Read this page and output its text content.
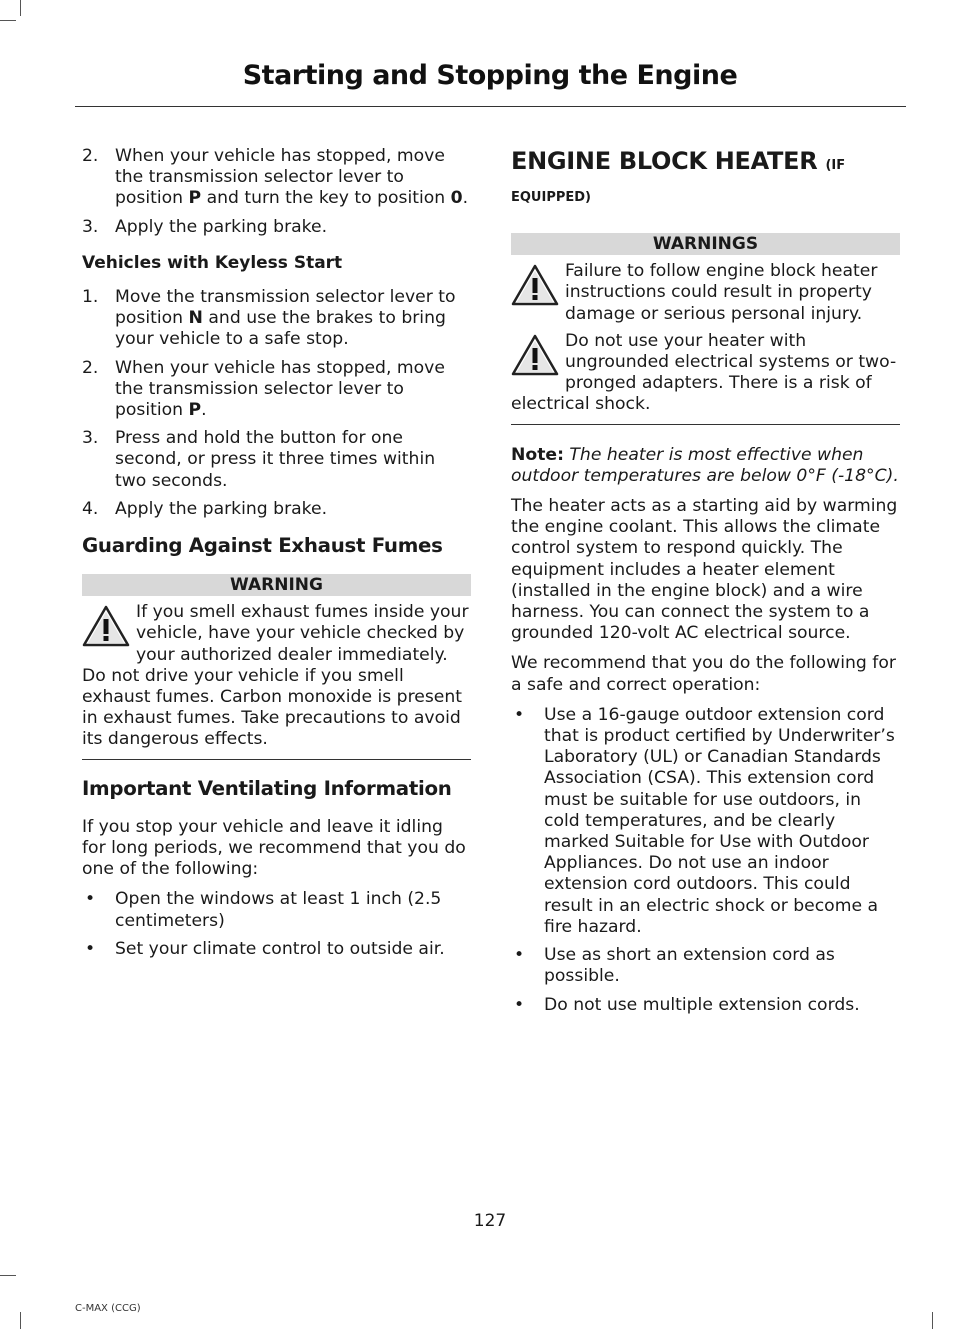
Starting and Stopping the Engine
2. When your vehicle has stopped, move the transmission selector lever to position P and turn the key to position 0.
3. Apply the parking brake.
Vehicles with Keyless Start
1. Move the transmission selector lever to position N and use the brakes to bring your vehicle to a safe stop.
2. When your vehicle has stopped, move the transmission selector lever to position P.
3. Press and hold the button for one second, or press it three times within two seconds.
4. Apply the parking brake.
Guarding Against Exhaust Fumes
WARNING
If you smell exhaust fumes inside your vehicle, have your vehicle checked by your authorized dealer immediately. Do not drive your vehicle if you smell exhaust fumes. Carbon monoxide is present in exhaust fumes. Take precautions to avoid its dangerous effects.
Important Ventilating Information
If you stop your vehicle and leave it idling for long periods, we recommend that you do one of the following:
• Open the windows at least 1 inch (2.5 centimeters)
• Set your climate control to outside air.
ENGINE BLOCK HEATER (IF
EQUIPPED)
WARNINGS
Failure to follow engine block heater instructions could result in property damage or serious personal injury.
Do not use your heater with ungrounded electrical systems or two-pronged adapters. There is a risk of electrical shock.
Note: The heater is most effective when outdoor temperatures are below 0°F (-18°C).
The heater acts as a starting aid by warming the engine coolant. This allows the climate control system to respond quickly. The equipment includes a heater element (installed in the engine block) and a wire harness. You can connect the system to a grounded 120-volt AC electrical source.
We recommend that you do the following for a safe and correct operation:
• Use a 16-gauge outdoor extension cord that is product certified by Underwriter’s Laboratory (UL) or Canadian Standards Association (CSA). This extension cord must be suitable for use outdoors, in cold temperatures, and be clearly marked Suitable for Use with Outdoor Appliances. Do not use an indoor extension cord outdoors. This could result in an electric shock or become a fire hazard.
• Use as short an extension cord as possible.
• Do not use multiple extension cords.
127
C-MAX (CCG)
